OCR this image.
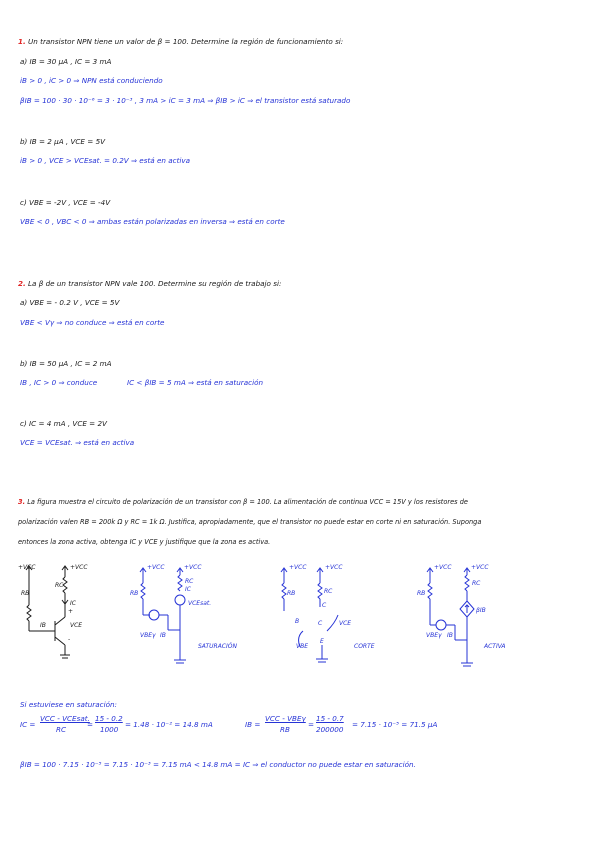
1. Un transistor NPN tiene un valor de β = 100. Determine la región de funcionamiento si:
a) IB = 30 μA , IC = 3 mA
iB > 0 , iC > 0 ⇒ NPN está conduciendo
βIB = 100 · 30 · 10⁻⁶ = 3 · 10⁻³ , 3 mA > iC = 3 mA ⇒ βIB > iC ⇒ el transistor está saturado
b) IB = 2 μA , VCE = 5V
iB > 0 , VCE > VCEsat. = 0.2V ⇒ está en activa
c) VBE = -2V , VCE = -4V
VBE < 0 , VBC < 0 ⇒ ambas están polarizadas en inversa ⇒ está en corte
2. La β de un transistor NPN vale 100. Determine su región de trabajo si:
a) VBE = - 0.2 V , VCE = 5V
VBE < Vγ ⇒ no conduce ⇒ está en corte
b) IB = 50 μA , IC = 2 mA
IB , IC > 0 ⇒ conduce	IC < βIB = 5 mA ⇒ está en saturación
c) IC = 4 mA , VCE = 2V
VCE = VCEsat. ⇒ está en activa
3. La figura muestra el circuito de polarización de un transistor con β = 100. La alimentación de continua VCC = 15V y los resistores de
polarización valen RB = 200k Ω y RC = 1k Ω. Justifica, apropiadamente, que el transistor no puede estar en corte ni en saturación. Suponga
entonces la zona activa, obtenga IC y VCE y justifique que la zona es activa.
+VCC	+VCC
RB
RC
IC
+
VCE
-
IB
+VCC	+VCC
RB
RC
IC
VCEsat.
VBEγ IB
SATURACIÓN
+VCC	+VCC
RB	RC
C
B	C	VCE
VBE
E
CORTE
+VCC	+VCC
RB
RC
βIB
VBEγ IB
ACTIVA
Si estuviese en saturación:
IC =
VCC - VCEsat.
RC
=
15 - 0.2
1000
= 1.48 · 10⁻² = 14.8 mA	IB =
VCC - VBEγ
RB
=
15 - 0.7
200000
= 7.15 · 10⁻⁵ = 71.5 μA
βIB = 100 · 7.15 · 10⁻⁵ = 7.15 · 10⁻³ = 7.15 mA < 14.8 mA = IC ⇒ el conductor no puede estar en saturación.
